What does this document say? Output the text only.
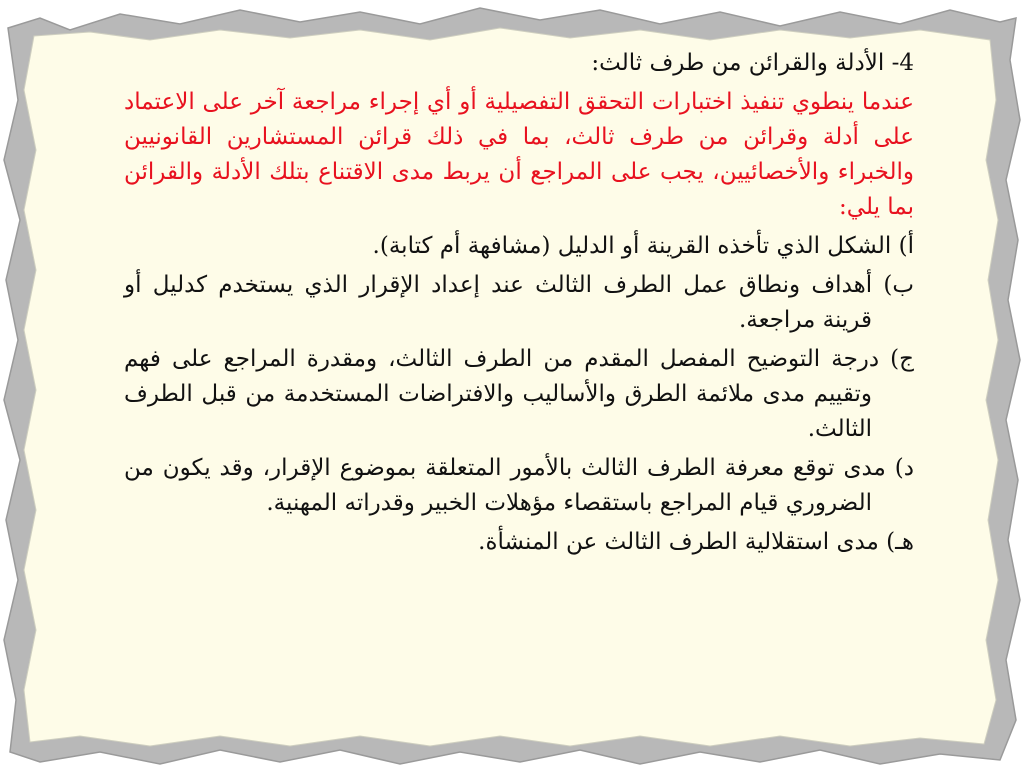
4- الأدلة والقرائن من طرف ثالث:

عندما ينطوي تنفيذ اختبارات التحقق التفصيلية أو أي إجراء مراجعة آخر على الاعتماد على أدلة وقرائن من طرف ثالث، بما في ذلك قرائن المستشارين القانونيين والخبراء والأخصائيين، يجب على المراجع أن يربط مدى الاقتناع بتلك الأدلة والقرائن بما يلي:

أ) الشكل الذي تأخذه القرينة أو الدليل (مشافهة أم كتابة).

ب) أهداف ونطاق عمل الطرف الثالث عند إعداد الإقرار الذي يستخدم كدليل أو قرينة مراجعة.

ج) درجة التوضيح المفصل المقدم من الطرف الثالث، ومقدرة المراجع على فهم وتقييم مدى ملائمة الطرق والأساليب والافتراضات المستخدمة من قبل الطرف الثالث.

د) مدى توقع معرفة الطرف الثالث بالأمور المتعلقة بموضوع الإقرار، وقد يكون من الضروري قيام المراجع باستقصاء مؤهلات الخبير وقدراته المهنية.

هـ) مدى استقلالية الطرف الثالث عن المنشأة.
